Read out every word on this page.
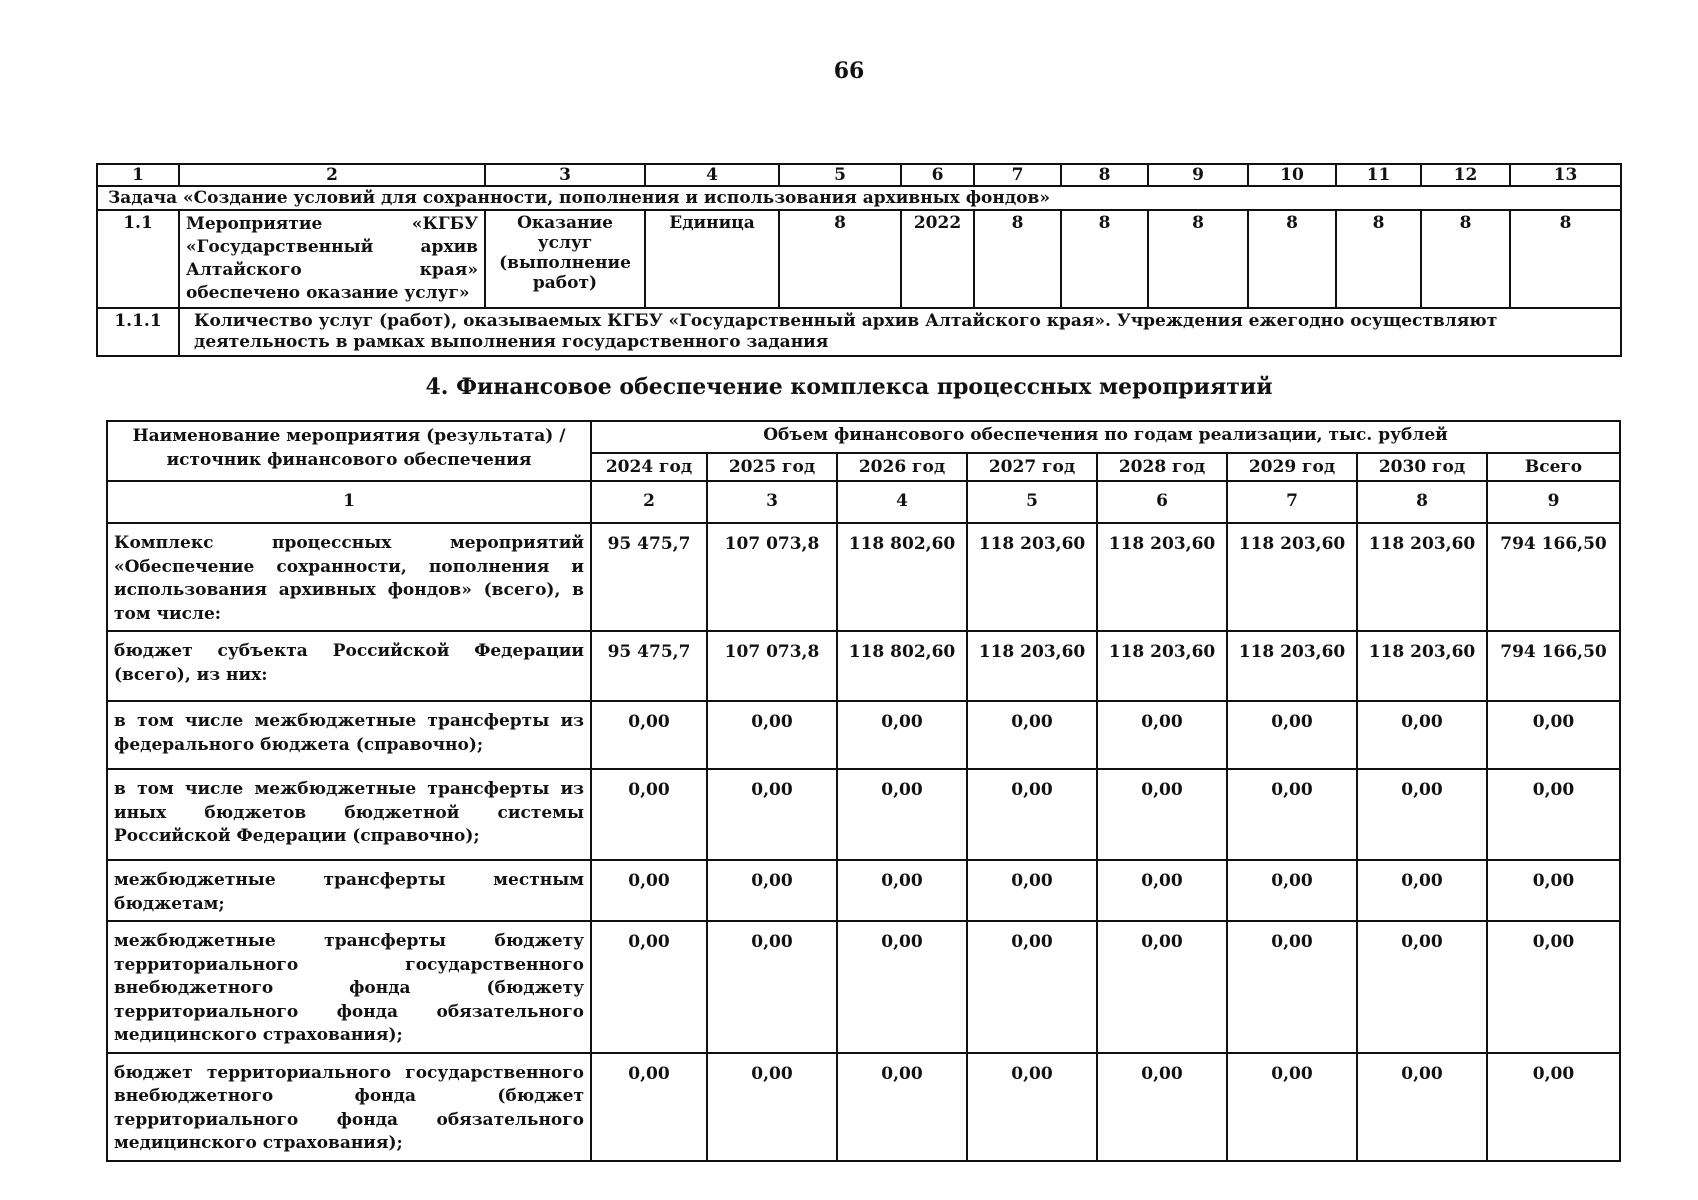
66
1	2	3	4	5	6	7	8	9	10	11	12	13
Задача «Создание условий для сохранности, пополнения и использования архивных фондов»												
1.1	Мероприятие «КГБУ «Государственный архив Алтайского края» обеспечено оказание услуг»	Оказание услуг (выполнение работ)	Единица	8	2022	8	8	8	8	8	8	8
1.1.1	Количество услуг (работ), оказываемых КГБУ «Государственный архив Алтайского края». Учреждения ежегодно осуществляют деятельность в рамках выполнения государственного задания											
4. Финансовое обеспечение комплекса процессных мероприятий
Наименование мероприятия (результата) / источник финансового обеспечения	Объем финансового обеспечения по годам реализации, тыс. рублей							
	2024 год	2025 год	2026 год	2027 год	2028 год	2029 год	2030 год	Всего
1	2	3	4	5	6	7	8	9
Комплекс процессных мероприятий «Обеспечение сохранности, пополнения и использования архивных фондов» (всего), в том числе:	95 475,7	107 073,8	118 802,60	118 203,60	118 203,60	118 203,60	118 203,60	794 166,50
бюджет субъекта Российской Федерации (всего), из них:	95 475,7	107 073,8	118 802,60	118 203,60	118 203,60	118 203,60	118 203,60	794 166,50
в том числе межбюджетные трансферты из федерального бюджета (справочно);	0,00	0,00	0,00	0,00	0,00	0,00	0,00	0,00
в том числе межбюджетные трансферты из иных бюджетов бюджетной системы Российской Федерации (справочно);	0,00	0,00	0,00	0,00	0,00	0,00	0,00	0,00
межбюджетные трансферты местным бюджетам;	0,00	0,00	0,00	0,00	0,00	0,00	0,00	0,00
межбюджетные трансферты бюджету территориального государственного внебюджетного фонда (бюджету территориального фонда обязательного медицинского страхования);	0,00	0,00	0,00	0,00	0,00	0,00	0,00	0,00
бюджет территориального государственного внебюджетного фонда (бюджет территориального фонда обязательного медицинского страхования);	0,00	0,00	0,00	0,00	0,00	0,00	0,00	0,00
